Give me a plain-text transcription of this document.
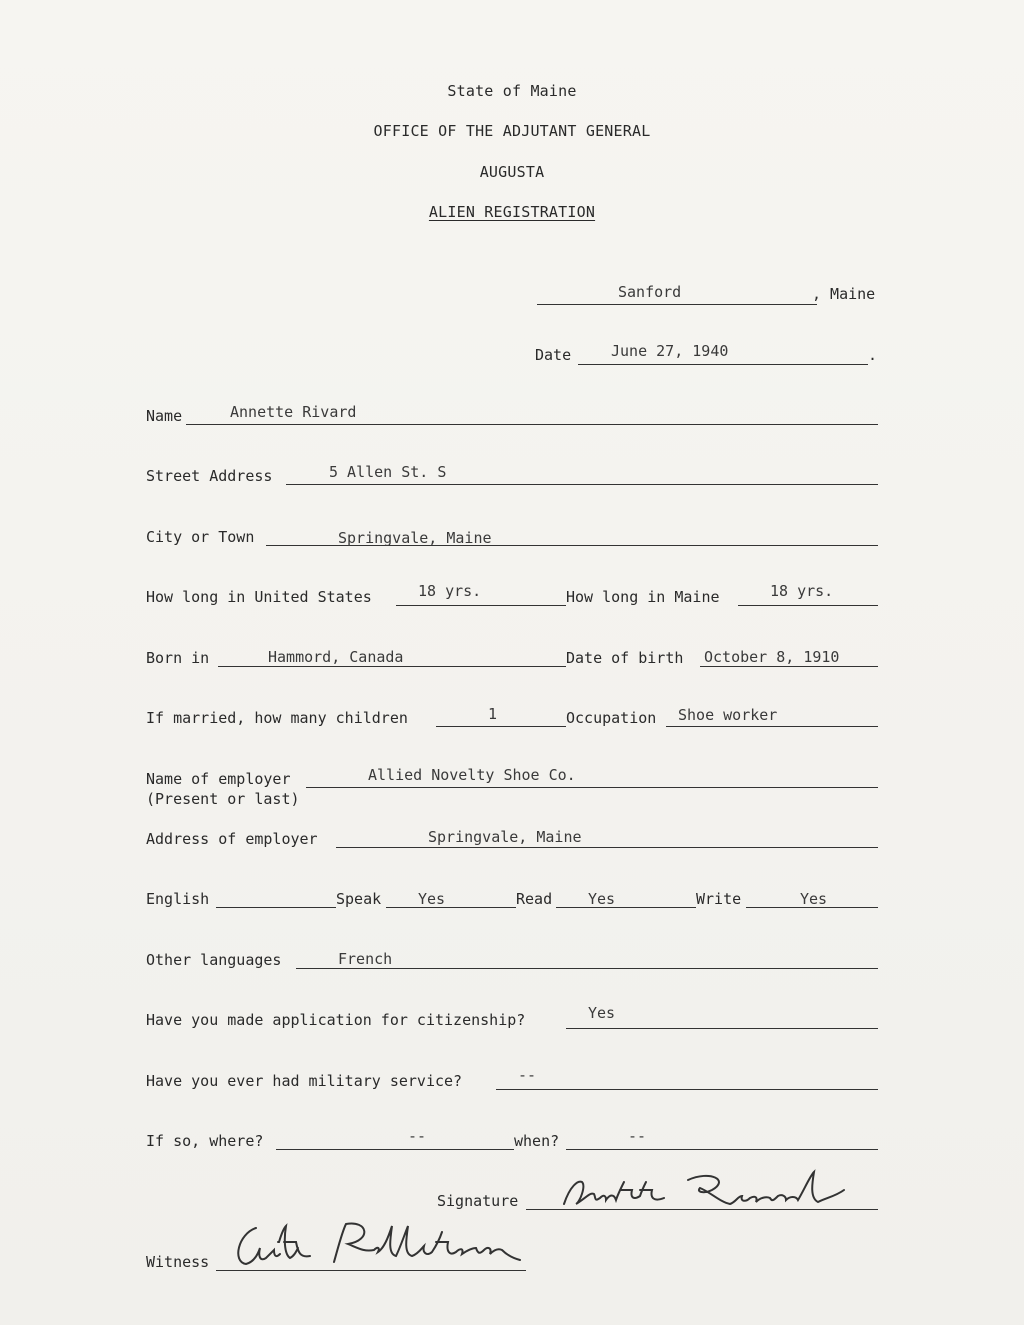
State of Maine
OFFICE OF THE ADJUTANT GENERAL
AUGUSTA
ALIEN REGISTRATION
Sanford	, Maine
Date	June 27, 1940	.
Name	Annette Rivard
Street Address	5 Allen St. S
City or Town	Springvale, Maine
How long in United States	18 yrs.	How long in Maine	18 yrs.
Born in	Hammord, Canada	Date of birth October 8, 1910
If married, how many children	1	Occupation Shoe worker
Name of employer
(Present or last)
Allied Novelty Shoe Co.
Address of employer	Springvale, Maine
English	Speak Yes	Read Yes	Write	Yes
Other languages	French
Have you made application for citizenship?	Yes
Have you ever had military service?	--
If so, where?	--	when?	--
Signature
Witness
